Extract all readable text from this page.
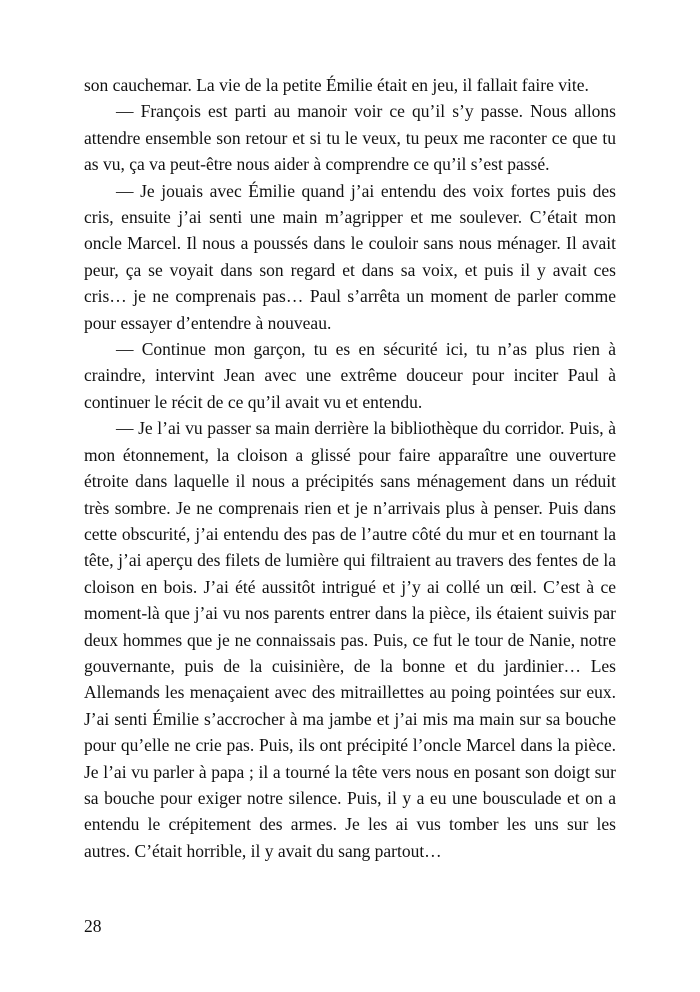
son cauchemar. La vie de la petite Émilie était en jeu, il fallait faire vite.

— François est parti au manoir voir ce qu’il s’y passe. Nous allons attendre ensemble son retour et si tu le veux, tu peux me raconter ce que tu as vu, ça va peut-être nous aider à comprendre ce qu’il s’est passé.

— Je jouais avec Émilie quand j’ai entendu des voix fortes puis des cris, ensuite j’ai senti une main m’agripper et me soulever. C’était mon oncle Marcel. Il nous a poussés dans le couloir sans nous ménager. Il avait peur, ça se voyait dans son regard et dans sa voix, et puis il y avait ces cris… je ne comprenais pas… Paul s’arrêta un moment de parler comme pour essayer d’entendre à nouveau.

— Continue mon garçon, tu es en sécurité ici, tu n’as plus rien à craindre, intervint Jean avec une extrême douceur pour inciter Paul à continuer le récit de ce qu’il avait vu et entendu.

— Je l’ai vu passer sa main derrière la bibliothèque du corridor. Puis, à mon étonnement, la cloison a glissé pour faire apparaître une ouverture étroite dans laquelle il nous a précipités sans ménagement dans un réduit très sombre. Je ne comprenais rien et je n’arrivais plus à penser. Puis dans cette obscurité, j’ai entendu des pas de l’autre côté du mur et en tournant la tête, j’ai aperçu des filets de lumière qui filtraient au travers des fentes de la cloison en bois. J’ai été aussitôt intrigué et j’y ai collé un œil. C’est à ce moment-là que j’ai vu nos parents entrer dans la pièce, ils étaient suivis par deux hommes que je ne connaissais pas. Puis, ce fut le tour de Nanie, notre gouvernante, puis de la cuisinière, de la bonne et du jardinier… Les Allemands les menaçaient avec des mitraillettes au poing pointées sur eux. J’ai senti Émilie s’accrocher à ma jambe et j’ai mis ma main sur sa bouche pour qu’elle ne crie pas. Puis, ils ont précipité l’oncle Marcel dans la pièce. Je l’ai vu parler à papa ; il a tourné la tête vers nous en posant son doigt sur sa bouche pour exiger notre silence. Puis, il y a eu une bousculade et on a entendu le crépitement des armes. Je les ai vus tomber les uns sur les autres. C’était horrible, il y avait du sang partout…

28
